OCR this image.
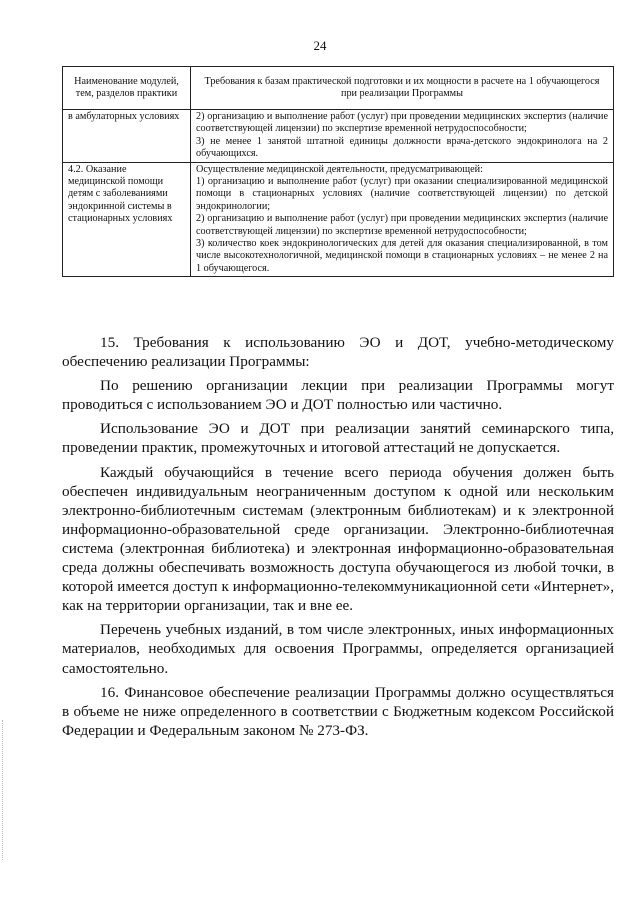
24
Наименование модулей, тем, разделов практики	Требования к базам практической подготовки и их мощности в расчете на 1 обучающегося при реализации Программы
в амбулаторных условиях	2) организацию и выполнение работ (услуг) при проведении медицинских экспертиз (наличие соответствующей лицензии) по экспертизе временной нетрудоспособности;
3) не менее 1 занятой штатной единицы должности врача-детского эндокринолога на 2 обучающихся.

4.2. Оказание медицинской помощи детям с заболеваниями эндокринной системы в стационарных условиях	Осуществление медицинской деятельности, предусматривающей:
1) организацию и выполнение работ (услуг) при оказании специализированной медицинской помощи в стационарных условиях (наличие соответствующей лицензии) по детской эндокринологии;
2) организацию и выполнение работ (услуг) при проведении медицинских экспертиз (наличие соответствующей лицензии) по экспертизе временной нетрудоспособности;
3) количество коек эндокринологических для детей для оказания специализированной, в том числе высокотехнологичной, медицинской помощи в стационарных условиях – не менее 2 на 1 обучающегося.

15. Требования к использованию ЭО и ДОТ, учебно-методическому обеспечению реализации Программы:

По решению организации лекции при реализации Программы могут проводиться с использованием ЭО и ДОТ полностью или частично.

Использование ЭО и ДОТ при реализации занятий семинарского типа, проведении практик, промежуточных и итоговой аттестаций не допускается.

Каждый обучающийся в течение всего периода обучения должен быть обеспечен индивидуальным неограниченным доступом к одной или нескольким электронно-библиотечным системам (электронным библиотекам) и к электронной информационно-образовательной среде организации. Электронно-библиотечная система (электронная библиотека) и электронная информационно-образовательная среда должны обеспечивать возможность доступа обучающегося из любой точки, в которой имеется доступ к информационно-телекоммуникационной сети «Интернет», как на территории организации, так и вне ее.

Перечень учебных изданий, в том числе электронных, иных информационных материалов, необходимых для освоения Программы, определяется организацией самостоятельно.

16. Финансовое обеспечение реализации Программы должно осуществляться в объеме не ниже определенного в соответствии с Бюджетным кодексом Российской Федерации и Федеральным законом № 273-ФЗ.
